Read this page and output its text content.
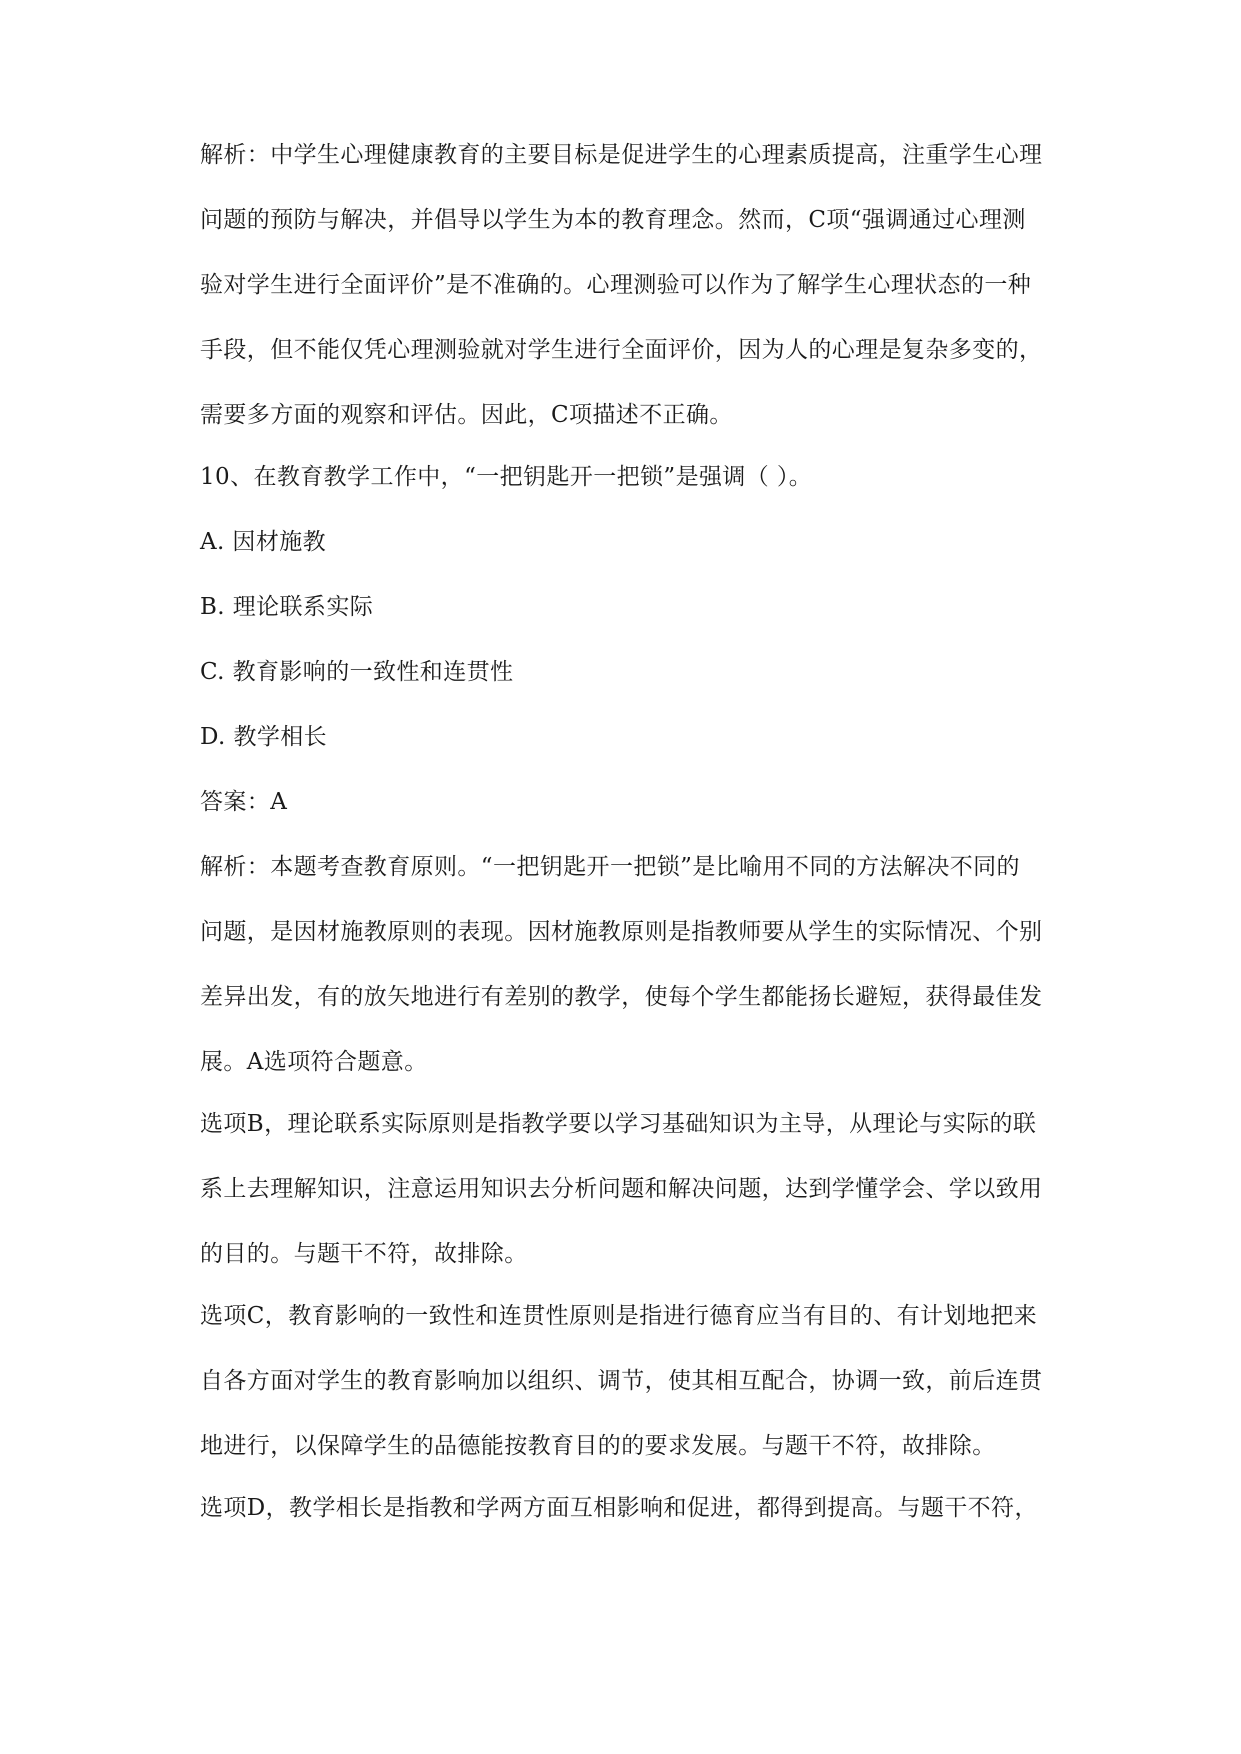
解析：中学生心理健康教育的主要目标是促进学生的心理素质提高，注重学生心理
问题的预防与解决，并倡导以学生为本的教育理念。然而，C项“强调通过心理测
验对学生进行全面评价”是不准确的。心理测验可以作为了解学生心理状态的一种
手段，但不能仅凭心理测验就对学生进行全面评价，因为人的心理是复杂多变的，
需要多方面的观察和评估。因此，C项描述不正确。
10、在教育教学工作中，“一把钥匙开一把锁”是强调（ ）。
A. 因材施教
B. 理论联系实际
C. 教育影响的一致性和连贯性
D. 教学相长
答案：A
解析：本题考查教育原则。“一把钥匙开一把锁”是比喻用不同的方法解决不同的
问题，是因材施教原则的表现。因材施教原则是指教师要从学生的实际情况、个别
差异出发，有的放矢地进行有差别的教学，使每个学生都能扬长避短，获得最佳发
展。A选项符合题意。
选项B，理论联系实际原则是指教学要以学习基础知识为主导，从理论与实际的联
系上去理解知识，注意运用知识去分析问题和解决问题，达到学懂学会、学以致用
的目的。与题干不符，故排除。
选项C，教育影响的一致性和连贯性原则是指进行德育应当有目的、有计划地把来
自各方面对学生的教育影响加以组织、调节，使其相互配合，协调一致，前后连贯
地进行，以保障学生的品德能按教育目的的要求发展。与题干不符，故排除。
选项D，教学相长是指教和学两方面互相影响和促进，都得到提高。与题干不符，
